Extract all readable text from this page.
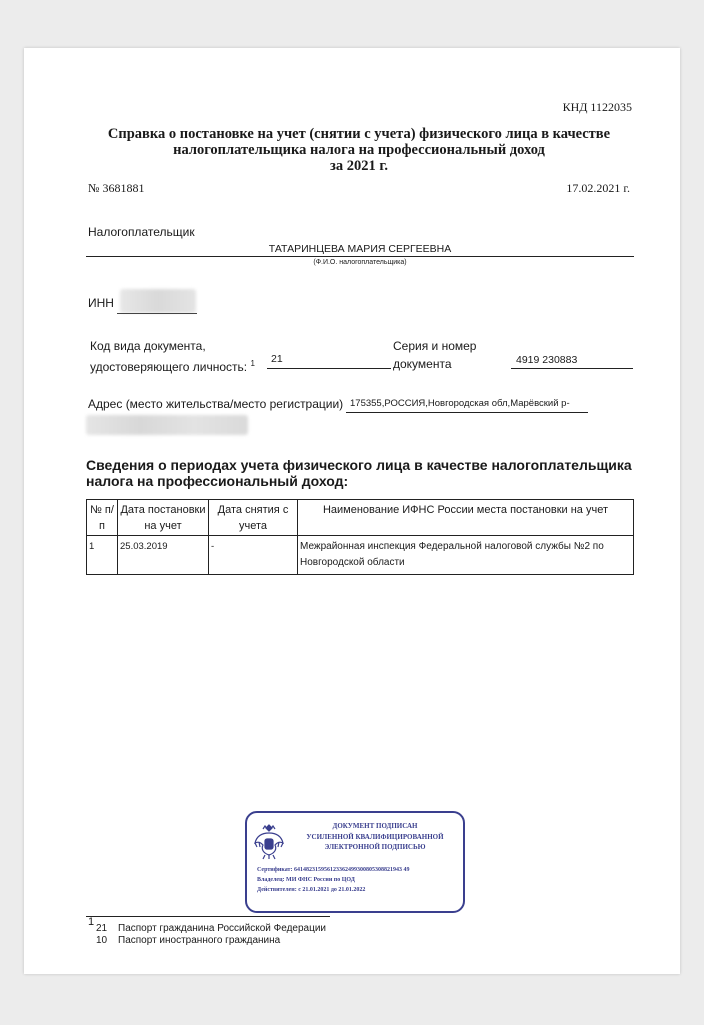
КНД 1122035
Справка о постановке на учет (снятии с учета) физического лица в качестве
налогоплательщика налога на профессиональный доход
за 2021 г.
№ 3681881	17.02.2021 г.
Налогоплательщик
ТАТАРИНЦЕВА МАРИЯ СЕРГЕЕВНА
(Ф.И.О. налогоплательщика)
ИНН
Код вида документа,
удостоверяющего личность: $^1$ 21
Серия и номер
документа	4919 230883
Адрес (место жительства/место регистрации) 175355,РОССИЯ,Новгородская обл,Марёвский р-
Сведения о периодах учета физического лица в качестве налогоплательщика
налога на профессиональный доход:
№ п/п	Дата постановки на учет	Дата снятия с учета	Наименование ИФНС России места постановки на учет
1	25.03.2019	-	Межрайонная инспекция Федеральной налоговой службы №2 по Новгородской области
ДОКУМЕНТ ПОДПИСАН
УСИЛЕННОЙ КВАЛИФИЦИРОВАННОЙ
ЭЛЕКТРОННОЙ ПОДПИСЬЮ
Сертификат: 641482315956123362499300805308821943 49
Владелец: МИ ФНС России по ЦОД
Действителен: с 21.01.2021 до 21.01.2022
1
21 Паспорт гражданина Российской Федерации
10 Паспорт иностранного гражданина
